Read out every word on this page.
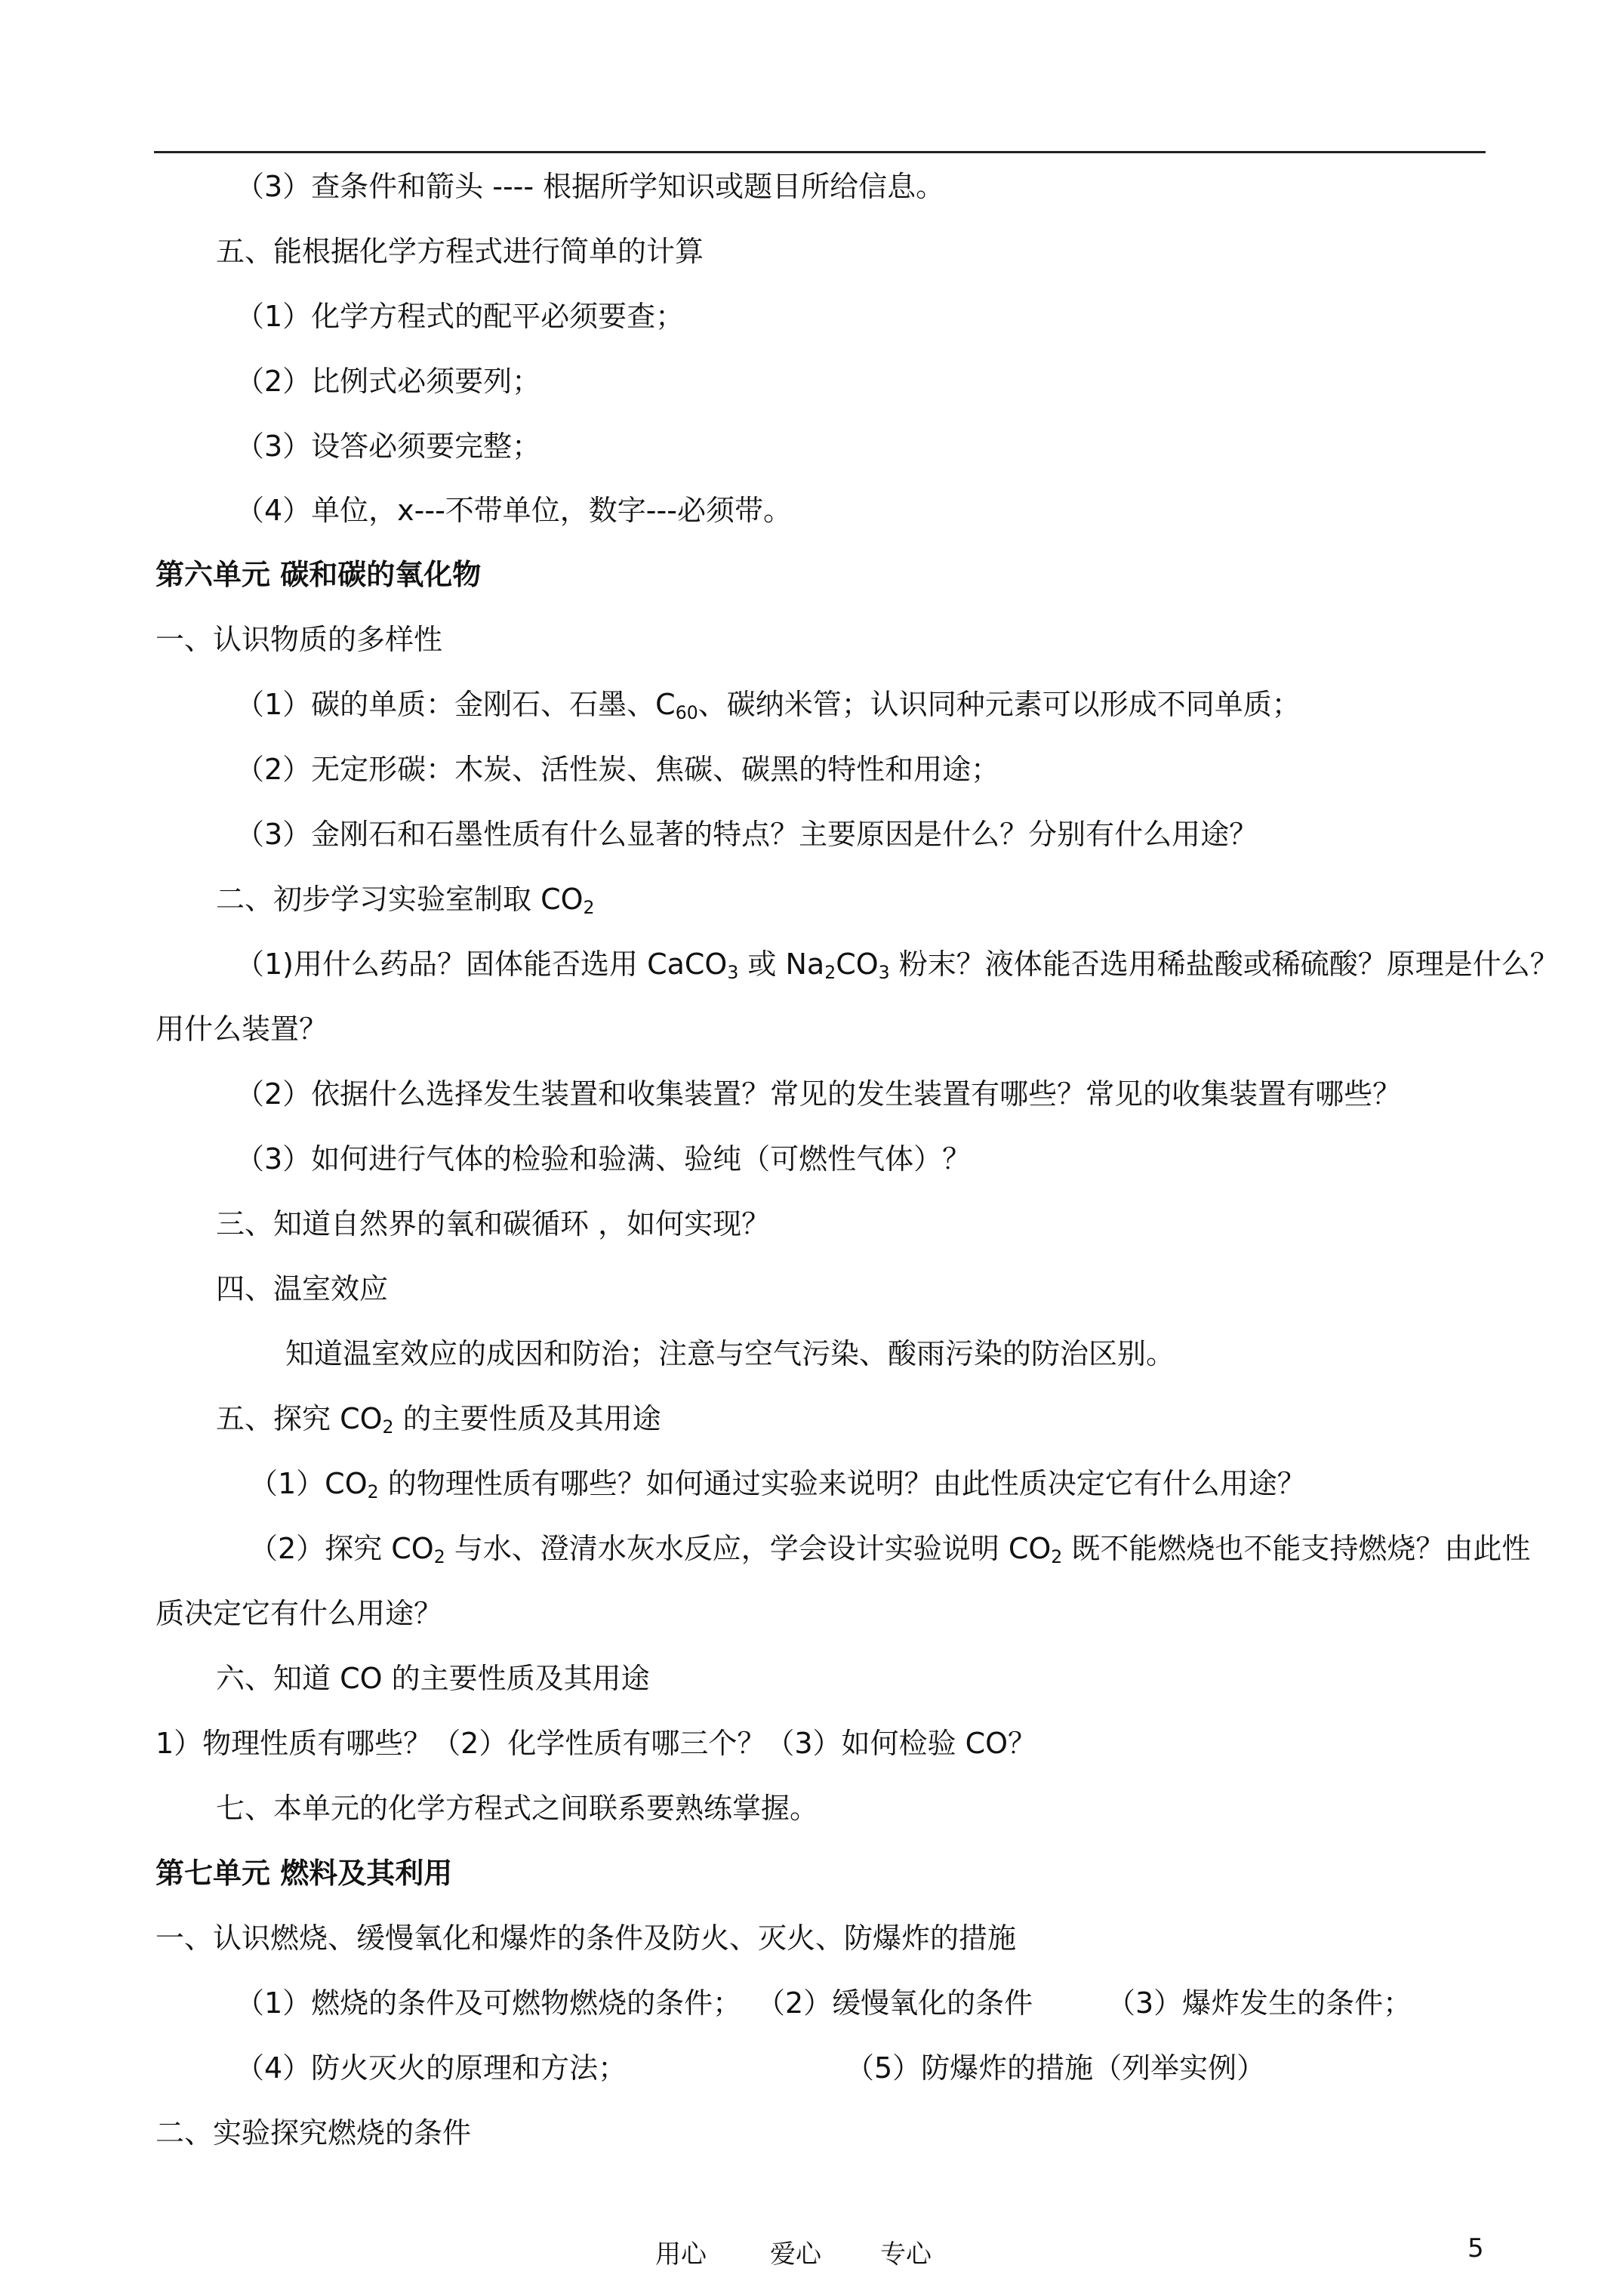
（3）查条件和箭头 ---- 根据所学知识或题目所给信息。
五、能根据化学方程式进行简单的计算
（1）化学方程式的配平必须要查；
（2）比例式必须要列；
（3）设答必须要完整；
（4）单位，x---不带单位，数字---必须带。
第六单元 碳和碳的氧化物
一、认识物质的多样性
（1）碳的单质：金刚石、石墨、$C_{60}$、碳纳米管；认识同种元素可以形成不同单质；
（2）无定形碳：木炭、活性炭、焦碳、碳黑的特性和用途；
（3）金刚石和石墨性质有什么显著的特点？主要原因是什么？分别有什么用途？
二、初步学习实验室制取 $CO_2$
（1)用什么药品？固体能否选用 CaCO$_3$ 或 $Na_2CO_3$ 粉末？液体能否选用稀盐酸或稀硫酸？原理是什么？
用什么装置？
（2）依据什么选择发生装置和收集装置？常见的发生装置有哪些？常见的收集装置有哪些？
（3）如何进行气体的检验和验满、验纯（可燃性气体）？
三、知道自然界的氧和碳循环 ，如何实现？
四、温室效应
知道温室效应的成因和防治；注意与空气污染、酸雨污染的防治区别。
五、探究 $CO_2$ 的主要性质及其用途
$(1)CO_2$ 的物理性质有哪些？如何通过实验来说明？由此性质决定它有什么用途？
（2）探究 $CO_2$ 与水、澄清水灰水反应，学会设计实验说明 $CO_2$ 既不能燃烧也不能支持燃烧？由此性
质决定它有什么用途？
六、知道 CO 的主要性质及其用途
1）物理性质有哪些？（2）化学性质有哪三个？（3）如何检验 CO？
七、本单元的化学方程式之间联系要熟练掌握。
第七单元 燃料及其利用
一、认识燃烧、缓慢氧化和爆炸的条件及防火、灭火、防爆炸的措施
（1）燃烧的条件及可燃物燃烧的条件； （2）缓慢氧化的条件	（3）爆炸发生的条件；
（4）防火灭火的原理和方法；	（5）防爆炸的措施（列举实例）
二、实验探究燃烧的条件
用心 爱心 专心	5
